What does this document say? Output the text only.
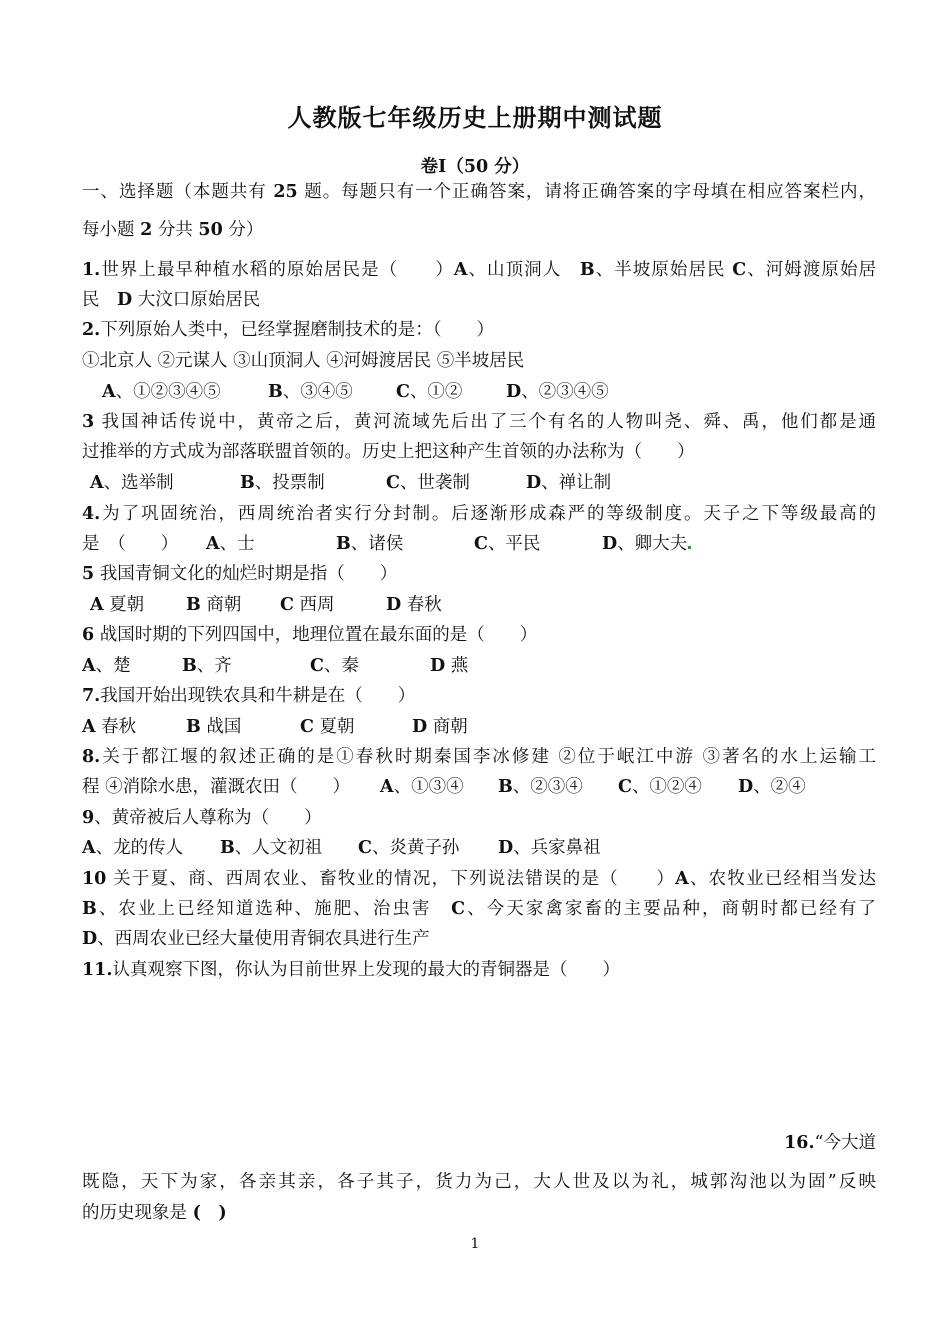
人教版七年级历史上册期中测试题
卷Ⅰ（50 分）
一、选择题（本题共有 25 题。每题只有一个正确答案，请将正确答案的字母填在相应答案栏内，
每小题 2 分共 50 分）
1.世界上最早种植水稻的原始居民是（　　）A、山顶洞人　B、半坡原始居民 C、河姆渡原始居
民　D 大汶口原始居民
2.下列原始人类中，已经掌握磨制技术的是：（　　）
①北京人 ②元谋人 ③山顶洞人 ④河姆渡居民 ⑤半坡居民
A、①②③④⑤	B、③④⑤ C、①② D、②③④⑤
3 我国神话传说中，黄帝之后，黄河流域先后出了三个有名的人物叫尧、舜、禹，他们都是通
过推举的方式成为部落联盟首领的。历史上把这种产生首领的办法称为（　　）
A、选举制	B、投票制	C、世袭制	D、禅让制
4.为了巩固统治，西周统治者实行分封制。后逐渐形成森严的等级制度。天子之下等级最高的
是　（　　） A、士	B、诸侯	C、平民	D、卿大夫
5 我国青铜文化的灿烂时期是指（　　）
A 夏朝 B 商朝 C 西周	D 春秋
6 战国时期的下列四国中，地理位置在最东面的是（　　）
A、楚	B、齐	C、秦	D 燕
7.我国开始出现铁农具和牛耕是在（　　）
A 春秋	B 战国	C 夏朝	D 商朝
8.关于都江堰的叙述正确的是①春秋时期秦国李冰修建 ②位于岷江中游 ③著名的水上运输工
程 ④消除水患，灌溉农田（　　） A、①③④ B、②③④ C、①②④ D、②④
9、黄帝被后人尊称为（　　）
A、龙的传人 B、人文初祖 C、炎黄子孙 D、兵家鼻祖
10 关于夏、商、西周农业、畜牧业的情况，下列说法错误的是（　　）A、农牧业已经相当发达
B、农业上已经知道选种、施肥、治虫害　C、今天家禽家畜的主要品种，商朝时都已经有了
D、西周农业已经大量使用青铜农具进行生产
11.认真观察下图，你认为目前世界上发现的最大的青铜器是（　　）
16.“今大道
既隐，天下为家，各亲其亲，各子其子，货力为己，大人世及以为礼，城郭沟池以为固”反映
的历史现象是 (　)
1
